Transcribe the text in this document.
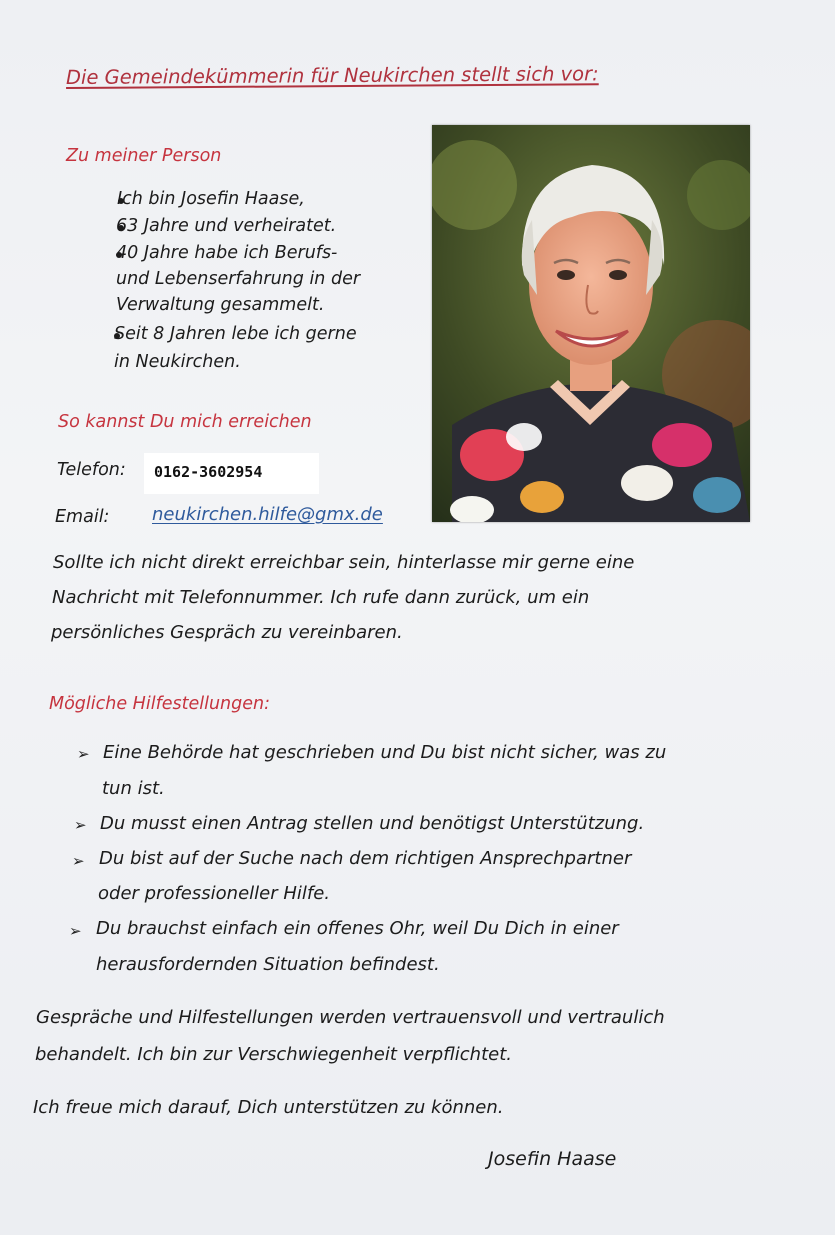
Die Gemeindekümmerin für Neukirchen stellt sich vor:
Zu meiner Person
Ich bin Josefin Haase,
63 Jahre und verheiratet.
40 Jahre habe ich Berufs-
und Lebenserfahrung in der
Verwaltung gesammelt.
Seit 8 Jahren lebe ich gerne
in Neukirchen.
So kannst Du mich erreichen
Telefon: 0162-3602954
Email: neukirchen.hilfe@gmx.de
Sollte ich nicht direkt erreichbar sein, hinterlasse mir gerne eine
Nachricht mit Telefonnummer. Ich rufe dann zurück, um ein
persönliches Gespräch zu vereinbaren.
Mögliche Hilfestellungen:
➢ Eine Behörde hat geschrieben und Du bist nicht sicher, was zu
tun ist.
➢ Du musst einen Antrag stellen und benötigst Unterstützung.
➢ Du bist auf der Suche nach dem richtigen Ansprechpartner
oder professioneller Hilfe.
➢ Du brauchst einfach ein offenes Ohr, weil Du Dich in einer
herausfordernden Situation befindest.
Gespräche und Hilfestellungen werden vertrauensvoll und vertraulich
behandelt. Ich bin zur Verschwiegenheit verpflichtet.
Ich freue mich darauf, Dich unterstützen zu können.
Josefin Haase
